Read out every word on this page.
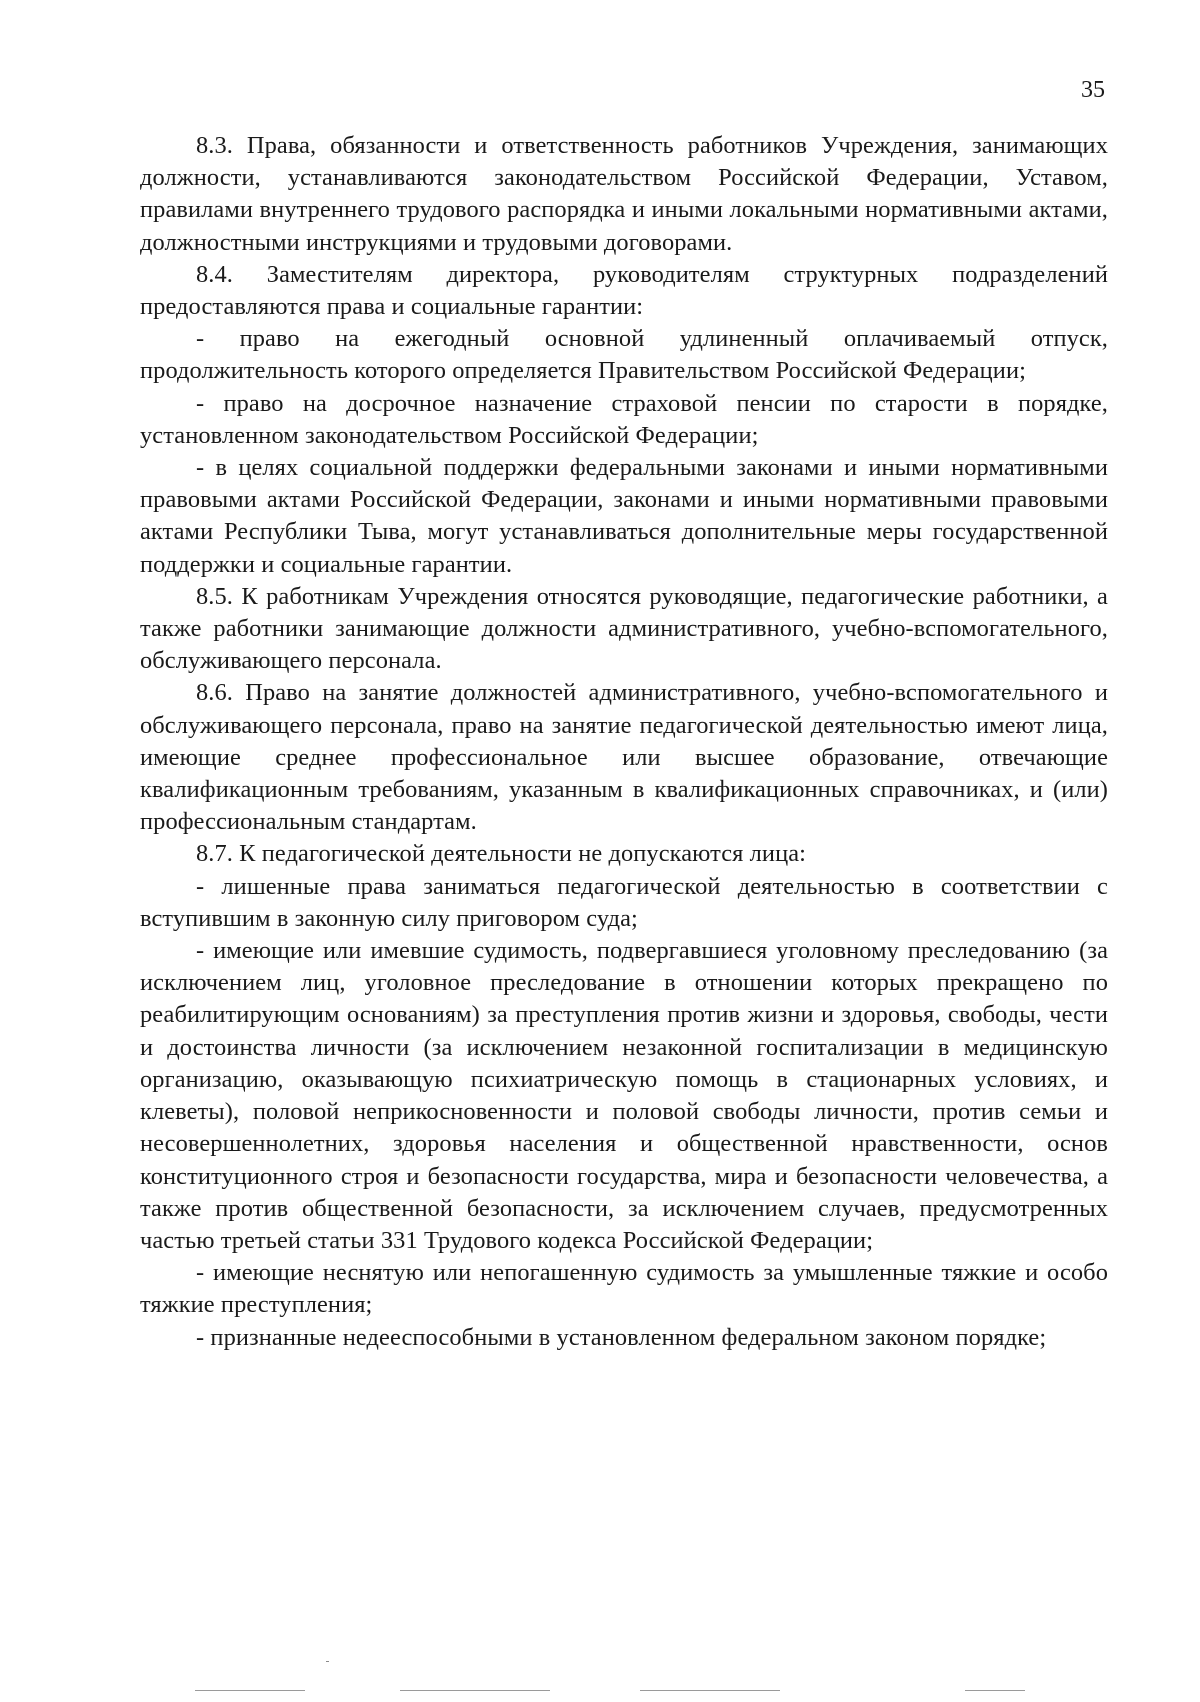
35

8.3. Права, обязанности и ответственность работников Учреждения, занимающих должности, устанавливаются законодательством Российской Федерации, Уставом, правилами внутреннего трудового распорядка и иными локальными нормативными актами, должностными инструкциями и трудовыми договорами.

8.4. Заместителям директора, руководителям структурных подразделений предоставляются права и социальные гарантии:

- право на ежегодный основной удлиненный оплачиваемый отпуск, продолжительность которого определяется Правительством Российской Федерации;

- право на досрочное назначение страховой пенсии по старости в порядке, установленном законодательством Российской Федерации;

- в целях социальной поддержки федеральными законами и иными нормативными правовыми актами Российской Федерации, законами и иными нормативными правовыми актами Республики Тыва, могут устанавливаться дополнительные меры государственной поддержки и социальные гарантии.

8.5. К работникам Учреждения относятся руководящие, педагогические работники, а также работники занимающие должности административного, учебно-вспомогательного, обслуживающего персонала.

8.6. Право на занятие должностей административного, учебно-вспомогательного и обслуживающего персонала, право на занятие педагогической деятельностью имеют лица, имеющие среднее профессиональное или высшее образование, отвечающие квалификационным требованиям, указанным в квалификационных справочниках, и (или) профессиональным стандартам.

8.7. К педагогической деятельности не допускаются лица:

- лишенные права заниматься педагогической деятельностью в соответствии с вступившим в законную силу приговором суда;

- имеющие или имевшие судимость, подвергавшиеся уголовному преследованию (за исключением лиц, уголовное преследование в отношении которых прекращено по реабилитирующим основаниям) за преступления против жизни и здоровья, свободы, чести и достоинства личности (за исключением незаконной госпитализации в медицинскую организацию, оказывающую психиатрическую помощь в стационарных условиях, и клеветы), половой неприкосновенности и половой свободы личности, против семьи и несовершеннолетних, здоровья населения и общественной нравственности, основ конституционного строя и безопасности государства, мира и безопасности человечества, а также против общественной безопасности, за исключением случаев, предусмотренных частью третьей статьи 331 Трудового кодекса Российской Федерации;

- имеющие неснятую или непогашенную судимость за умышленные тяжкие и особо тяжкие преступления;

- признанные недееспособными в установленном федеральном законом порядке;
